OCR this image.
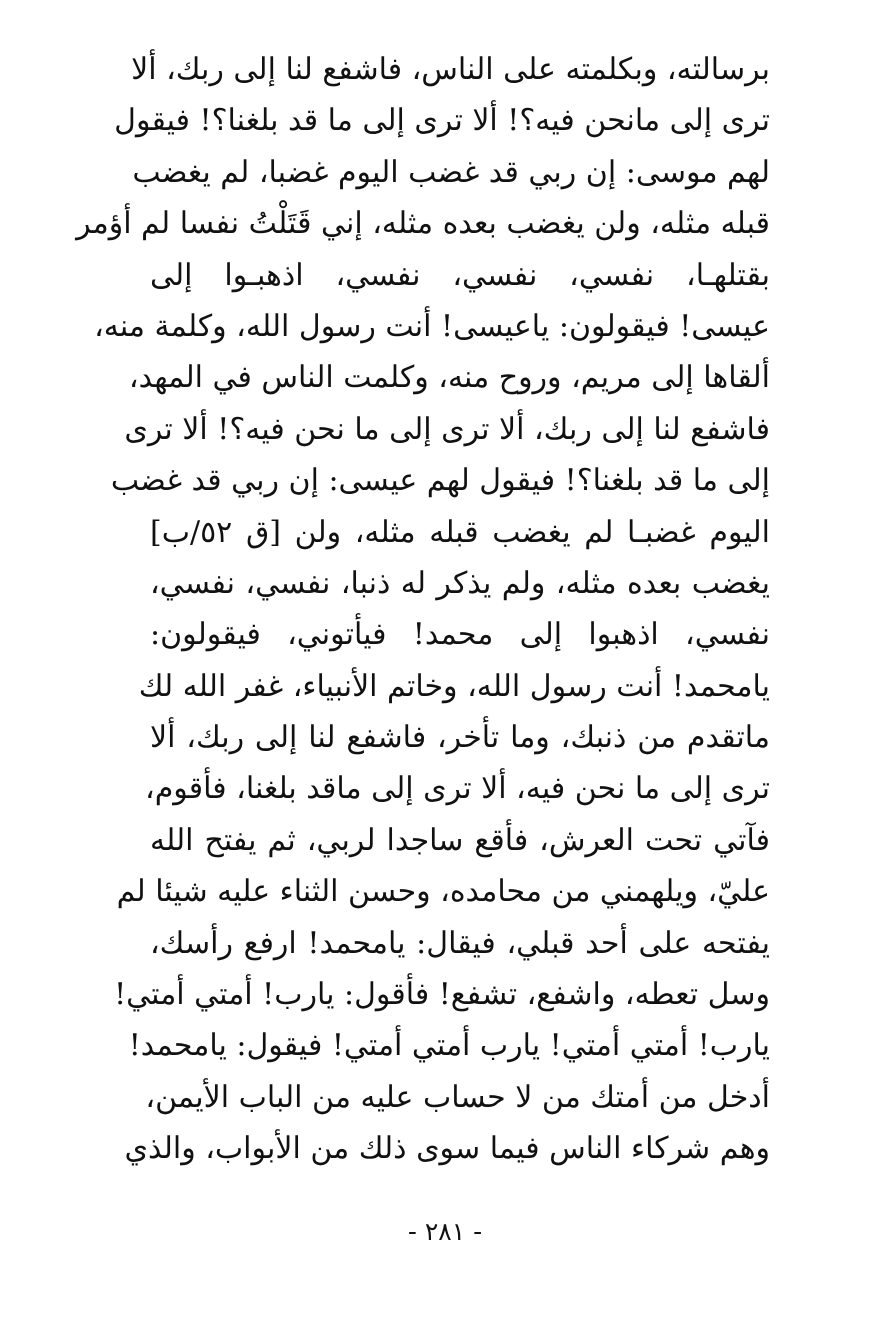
برسالته، وبكلمته على الناس، فاشفع لنا إلى ربك، ألا
ترى إلى مانحن فيه؟! ألا ترى إلى ما قد بلغنا؟! فيقول
لهم موسى: إن ربي قد غضب اليوم غضبا، لم يغضب
قبله مثله، ولن يغضب بعده مثله، إني قَتَلْتُ نفسا لم أؤمر
بقتلهـا، نفسي، نفسي، نفسي، اذهبـوا إلى
عيسى! فيقولون: ياعيسى! أنت رسول الله، وكلمة منه،
ألقاها إلى مريم، وروح منه، وكلمت الناس في المهد،
فاشفع لنا إلى ربك، ألا ترى إلى ما نحن فيه؟! ألا ترى
إلى ما قد بلغنا؟! فيقول لهم عيسى: إن ربي قد غضب
اليوم غضبـا لم يغضب قبله مثله، ولن [ق ٥٢/ب]
يغضب بعده مثله، ولم يذكر له ذنبا، نفسي، نفسي،
نفسي، اذهبوا إلى محمد! فيأتوني، فيقولون:
يامحمد! أنت رسول الله، وخاتم الأنبياء، غفر الله لك
ماتقدم من ذنبك، وما تأخر، فاشفع لنا إلى ربك، ألا
ترى إلى ما نحن فيه، ألا ترى إلى ماقد بلغنا، فأقوم،
فآتي تحت العرش، فأقع ساجدا لربي، ثم يفتح الله
عليّ، ويلهمني من محامده، وحسن الثناء عليه شيئا لم
يفتحه على أحد قبلي، فيقال: يامحمد! ارفع رأسك،
وسل تعطه، واشفع، تشفع! فأقول: يارب! أمتي أمتي!
يارب! أمتي أمتي! يارب أمتي أمتي! فيقول: يامحمد!
أدخل من أمتك من لا حساب عليه من الباب الأيمن،
وهم شركاء الناس فيما سوى ذلك من الأبواب، والذي
- ٢٨١ -
